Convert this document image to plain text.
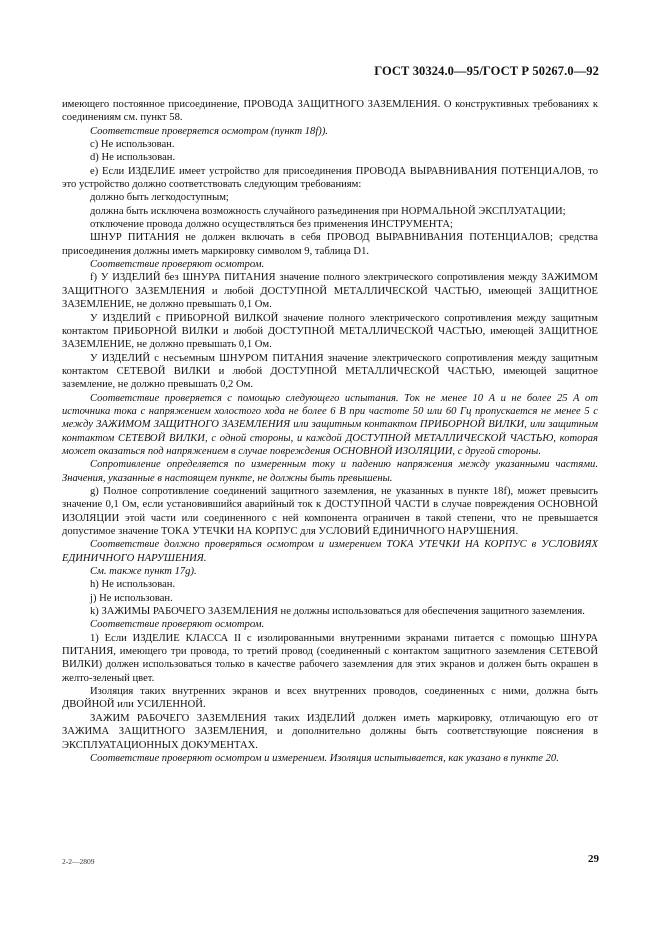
ГОСТ 30324.0—95/ГОСТ Р 50267.0—92

имеющего постоянное присоединение, ПРОВОДА ЗАЩИТНОГО ЗАЗЕМЛЕНИЯ. О конструктивных требованиях к соединениям см. пункт 58.

Соответствие проверяется осмотром (пункт 18f)).

c) Не использован.

d) Не использован.

e) Если ИЗДЕЛИЕ имеет устройство для присоединения ПРОВОДА ВЫРАВНИВАНИЯ ПОТЕНЦИАЛОВ, то это устройство должно соответствовать следующим требованиям:

должно быть легкодоступным;

должна быть исключена возможность случайного разъединения при НОРМАЛЬНОЙ ЭКСПЛУАТАЦИИ;

отключение провода должно осуществляться без применения ИНСТРУМЕНТА;

ШНУР ПИТАНИЯ не должен включать в себя ПРОВОД ВЫРАВНИВАНИЯ ПОТЕНЦИАЛОВ; средства присоединения должны иметь маркировку символом 9, таблица D1.

Соответствие проверяют осмотром.

f) У ИЗДЕЛИЙ без ШНУРА ПИТАНИЯ значение полного электрического сопротивления между ЗАЖИМОМ ЗАЩИТНОГО ЗАЗЕМЛЕНИЯ и любой ДОСТУПНОЙ МЕТАЛЛИЧЕСКОЙ ЧАСТЬЮ, имеющей ЗАЩИТНОЕ ЗАЗЕМЛЕНИЕ, не должно превышать 0,1 Ом.

У ИЗДЕЛИЙ с ПРИБОРНОЙ ВИЛКОЙ значение полного электрического сопротивления между защитным контактом ПРИБОРНОЙ ВИЛКИ и любой ДОСТУПНОЙ МЕТАЛЛИЧЕСКОЙ ЧАСТЬЮ, имеющей ЗАЩИТНОЕ ЗАЗЕМЛЕНИЕ, не должно превышать 0,1 Ом.

У ИЗДЕЛИЙ с несъемным ШНУРОМ ПИТАНИЯ значение электрического сопротивления между защитным контактом СЕТЕВОЙ ВИЛКИ и любой ДОСТУПНОЙ МЕТАЛЛИЧЕСКОЙ ЧАСТЬЮ, имеющей защитное заземление, не должно превышать 0,2 Ом.

Соответствие проверяется с помощью следующего испытания. Ток не менее 10 А и не более 25 А от источника тока с напряжением холостого хода не более 6 В при частоте 50 или 60 Гц пропускается не менее 5 с между ЗАЖИМОМ ЗАЩИТНОГО ЗАЗЕМЛЕНИЯ или защитным контактом ПРИБОРНОЙ ВИЛКИ, или защитным контактом СЕТЕВОЙ ВИЛКИ, с одной стороны, и каждой ДОСТУПНОЙ МЕТАЛЛИЧЕСКОЙ ЧАСТЬЮ, которая может оказаться под напряжением в случае повреждения ОСНОВНОЙ ИЗОЛЯЦИИ, с другой стороны.

Сопротивление определяется по измеренным току и падению напряжения между указанными частями. Значения, указанные в настоящем пункте, не должны быть превышены.

g) Полное сопротивление соединений защитного заземления, не указанных в пункте 18f), может превысить значение 0,1 Ом, если установившийся аварийный ток к ДОСТУПНОЙ ЧАСТИ в случае повреждения ОСНОВНОЙ ИЗОЛЯЦИИ этой части или соединенного с ней компонента ограничен в такой степени, что не превышается допустимое значение ТОКА УТЕЧКИ НА КОРПУС для УСЛОВИЙ ЕДИНИЧНОГО НАРУШЕНИЯ.

Соответствие должно проверяться осмотром и измерением ТОКА УТЕЧКИ НА КОРПУС в УСЛОВИЯХ ЕДИНИЧНОГО НАРУШЕНИЯ.

См. также пункт 17g).

h) Не использован.

j) Не использован.

k) ЗАЖИМЫ РАБОЧЕГО ЗАЗЕМЛЕНИЯ не должны использоваться для обеспечения защитного заземления.

Соответствие проверяют осмотром.

1) Если ИЗДЕЛИЕ КЛАССА II с изолированными внутренними экранами питается с помощью ШНУРА ПИТАНИЯ, имеющего три провода, то третий провод (соединенный с контактом защитного заземления СЕТЕВОЙ ВИЛКИ) должен использоваться только в качестве рабочего заземления для этих экранов и должен быть окрашен в желто-зеленый цвет.

Изоляция таких внутренних экранов и всех внутренних проводов, соединенных с ними, должна быть ДВОЙНОЙ или УСИЛЕННОЙ.

ЗАЖИМ РАБОЧЕГО ЗАЗЕМЛЕНИЯ таких ИЗДЕЛИЙ должен иметь маркировку, отличающую его от ЗАЖИМА ЗАЩИТНОГО ЗАЗЕМЛЕНИЯ, и дополнительно должны быть соответствующие пояснения в ЭКСПЛУАТАЦИОННЫХ ДОКУМЕНТАХ.

Соответствие проверяют осмотром и измерением. Изоляция испытывается, как указано в пункте 20.

2-2—2809	29
